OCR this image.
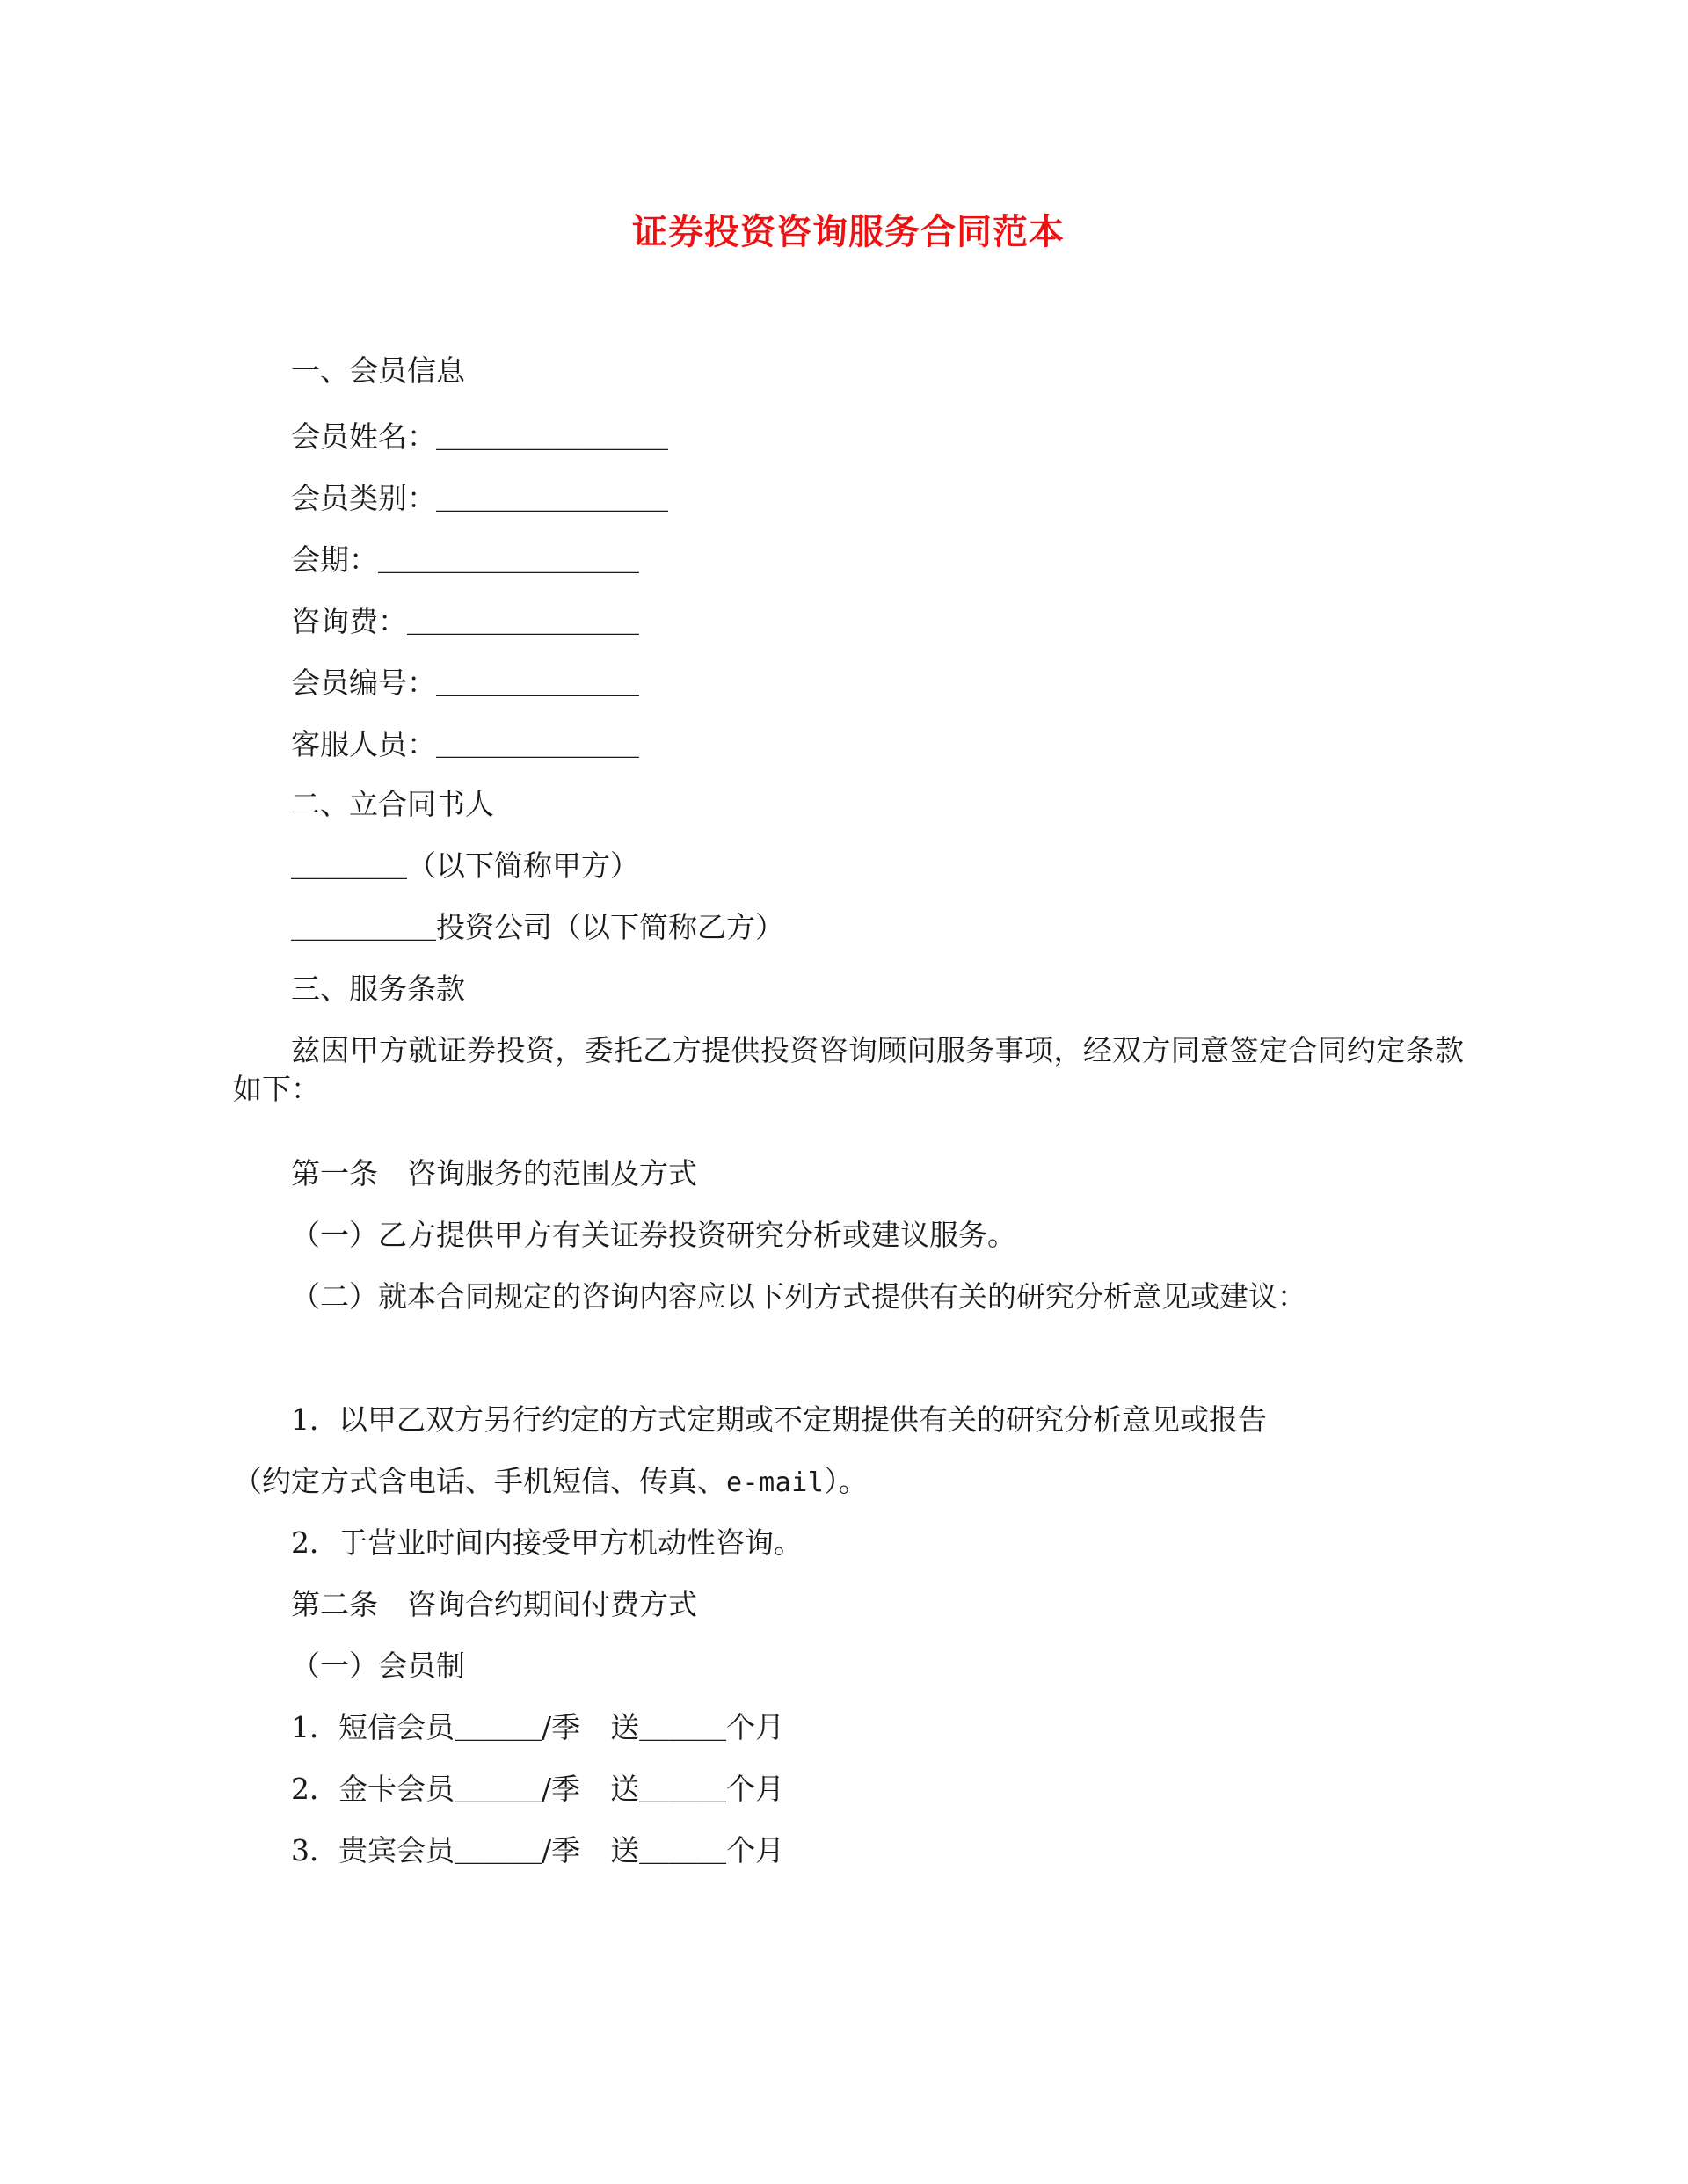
证券投资咨询服务合同范本
一、会员信息
会员姓名：＿＿＿＿＿＿＿＿
会员类别：＿＿＿＿＿＿＿＿
会期：＿＿＿＿＿＿＿＿＿
咨询费：＿＿＿＿＿＿＿＿
会员编号：＿＿＿＿＿＿＿
客服人员：＿＿＿＿＿＿＿
二、立合同书人
＿＿＿＿（以下简称甲方）
＿＿＿＿＿投资公司（以下简称乙方）
三、服务条款
兹因甲方就证券投资，委托乙方提供投资咨询顾问服务事项，经双方同意签定合同约定条款如下：
第一条　咨询服务的范围及方式
（一）乙方提供甲方有关证券投资研究分析或建议服务。
（二）就本合同规定的咨询内容应以下列方式提供有关的研究分析意见或建议：
1．以甲乙双方另行约定的方式定期或不定期提供有关的研究分析意见或报告
（约定方式含电话、手机短信、传真、e-mail）。
2．于营业时间内接受甲方机动性咨询。
第二条　咨询合约期间付费方式
（一）会员制
1．短信会员＿＿＿/季 送＿＿＿个月
2．金卡会员＿＿＿/季 送＿＿＿个月
3．贵宾会员＿＿＿/季 送＿＿＿个月
